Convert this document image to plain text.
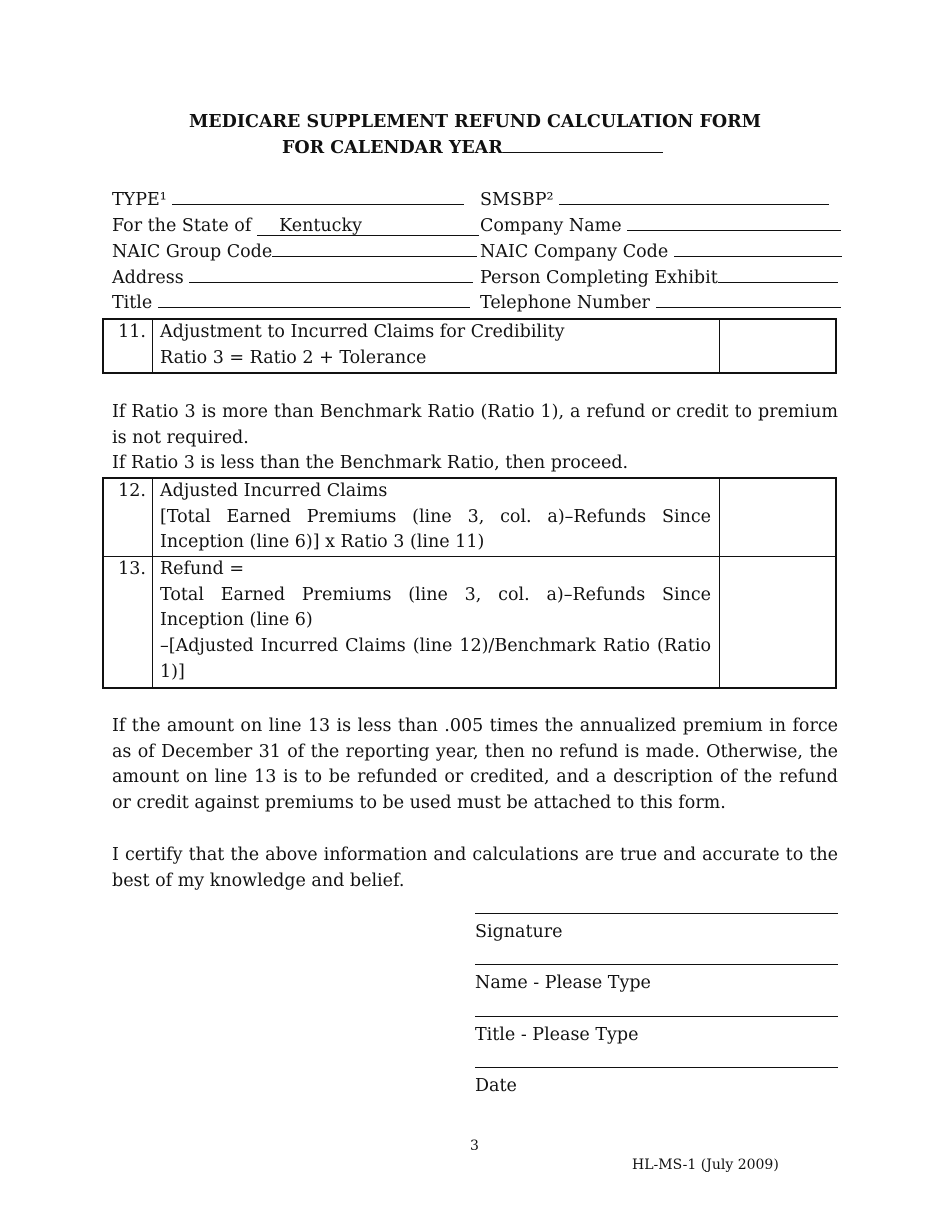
MEDICARE SUPPLEMENT REFUND CALCULATION FORM
FOR CALENDAR YEAR
TYPE¹
For the State of Kentucky
NAIC Group Code
Address
Title
SMSBP²
Company Name
NAIC Company Code
Person Completing Exhibit
Telephone Number
11. Adjustment to Incurred Claims for Credibility
Ratio 3 = Ratio 2 + Tolerance
If Ratio 3 is more than Benchmark Ratio (Ratio 1), a refund or credit to premium is not required.
If Ratio 3 is less than the Benchmark Ratio, then proceed.
12. Adjusted Incurred Claims
[Total Earned Premiums (line 3, col. a)–Refunds Since Inception (line 6)] x Ratio 3 (line 11)
13. Refund =
Total Earned Premiums (line 3, col. a)–Refunds Since Inception (line 6)
–[Adjusted Incurred Claims (line 12)/Benchmark Ratio (Ratio 1)]
If the amount on line 13 is less than .005 times the annualized premium in force as of December 31 of the reporting year, then no refund is made. Otherwise, the amount on line 13 is to be refunded or credited, and a description of the refund or credit against premiums to be used must be attached to this form.
I certify that the above information and calculations are true and accurate to the best of my knowledge and belief.
Signature
Name - Please Type
Title - Please Type
Date
3
HL-MS-1 (July 2009)
